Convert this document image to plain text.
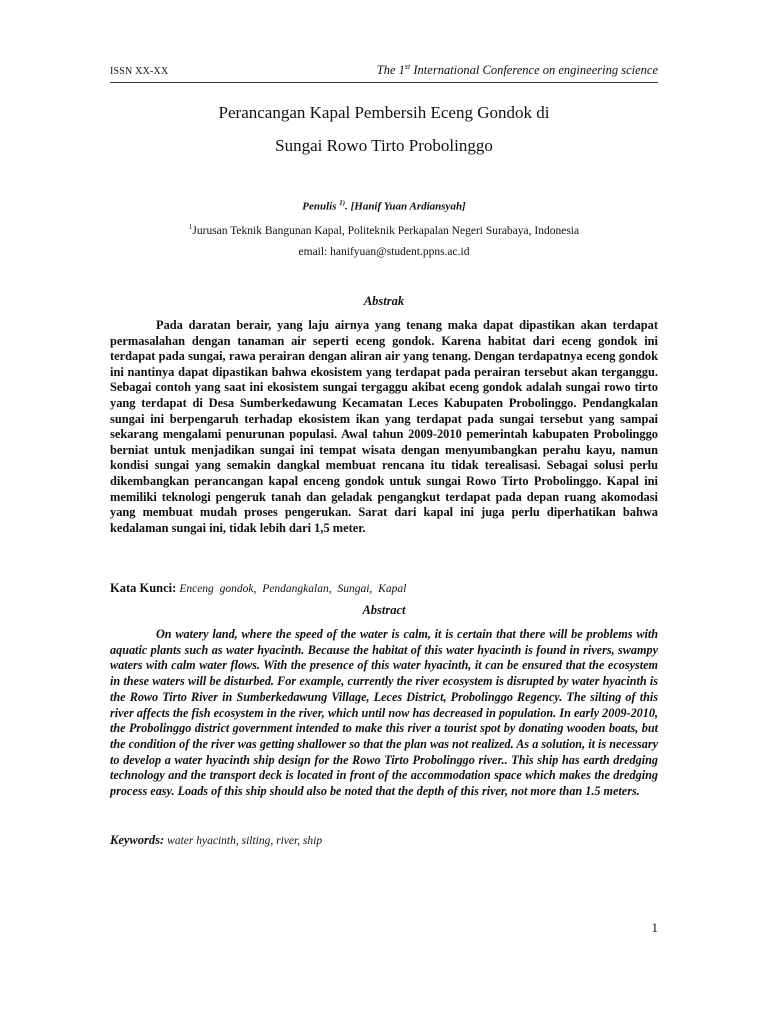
ISSN XX-XX	The 1st International Conference on engineering science
Perancangan Kapal Pembersih Eceng Gondok di
Sungai Rowo Tirto Probolinggo
Penulis $^{1)}$. [Hanif Yuan Ardiansyah]
$^1$Jurusan Teknik Bangunan Kapal, Politeknik Perkapalan Negeri Surabaya, Indonesia
email: hanifyuan@student.ppns.ac.id
Abstrak

Pada daratan berair, yang laju airnya yang tenang maka dapat dipastikan akan terdapat permasalahan dengan tanaman air seperti eceng gondok. Karena habitat dari eceng gondok ini terdapat pada sungai, rawa perairan dengan aliran air yang tenang. Dengan terdapatnya eceng gondok ini nantinya dapat dipastikan bahwa ekosistem yang terdapat pada perairan tersebut akan terganggu. Sebagai contoh yang saat ini ekosistem sungai tergaggu akibat eceng gondok adalah sungai rowo tirto yang terdapat di Desa Sumberkedawung Kecamatan Leces Kabupaten Probolinggo. Pendangkalan sungai ini berpengaruh terhadap ekosistem ikan yang terdapat pada sungai tersebut yang sampai sekarang mengalami penurunan populasi. Awal tahun 2009-2010 pemerintah kabupaten Probolinggo berniat untuk menjadikan sungai ini tempat wisata dengan menyumbangkan perahu kayu, namun kondisi sungai yang semakin dangkal membuat rencana itu tidak terealisasi. Sebagai solusi perlu dikembangkan perancangan kapal enceng gondok untuk sungai Rowo Tirto Probolinggo. Kapal ini memiliki teknologi pengeruk tanah dan geladak pengangkut terdapat pada depan ruang akomodasi yang membuat mudah proses pengerukan. Sarat dari kapal ini juga perlu diperhatikan bahwa kedalaman sungai ini, tidak lebih dari 1,5 meter.

Kata Kunci: Enceng gondok, Pendangkalan, Sungai, Kapal
Abstract

On watery land, where the speed of the water is calm, it is certain that there will be problems with aquatic plants such as water hyacinth. Because the habitat of this water hyacinth is found in rivers, swampy waters with calm water flows. With the presence of this water hyacinth, it can be ensured that the ecosystem in these waters will be disturbed. For example, currently the river ecosystem is disrupted by water hyacinth is the Rowo Tirto River in Sumberkedawung Village, Leces District, Probolinggo Regency. The silting of this river affects the fish ecosystem in the river, which until now has decreased in population. In early 2009-2010, the Probolinggo district government intended to make this river a tourist spot by donating wooden boats, but the condition of the river was getting shallower so that the plan was not realized. As a solution, it is necessary to develop a water hyacinth ship design for the Rowo Tirto Probolinggo river.. This ship has earth dredging technology and the transport deck is located in front of the accommodation space which makes the dredging process easy. Loads of this ship should also be noted that the depth of this river, not more than 1.5 meters.

Keywords: water hyacinth, silting, river, ship
1
